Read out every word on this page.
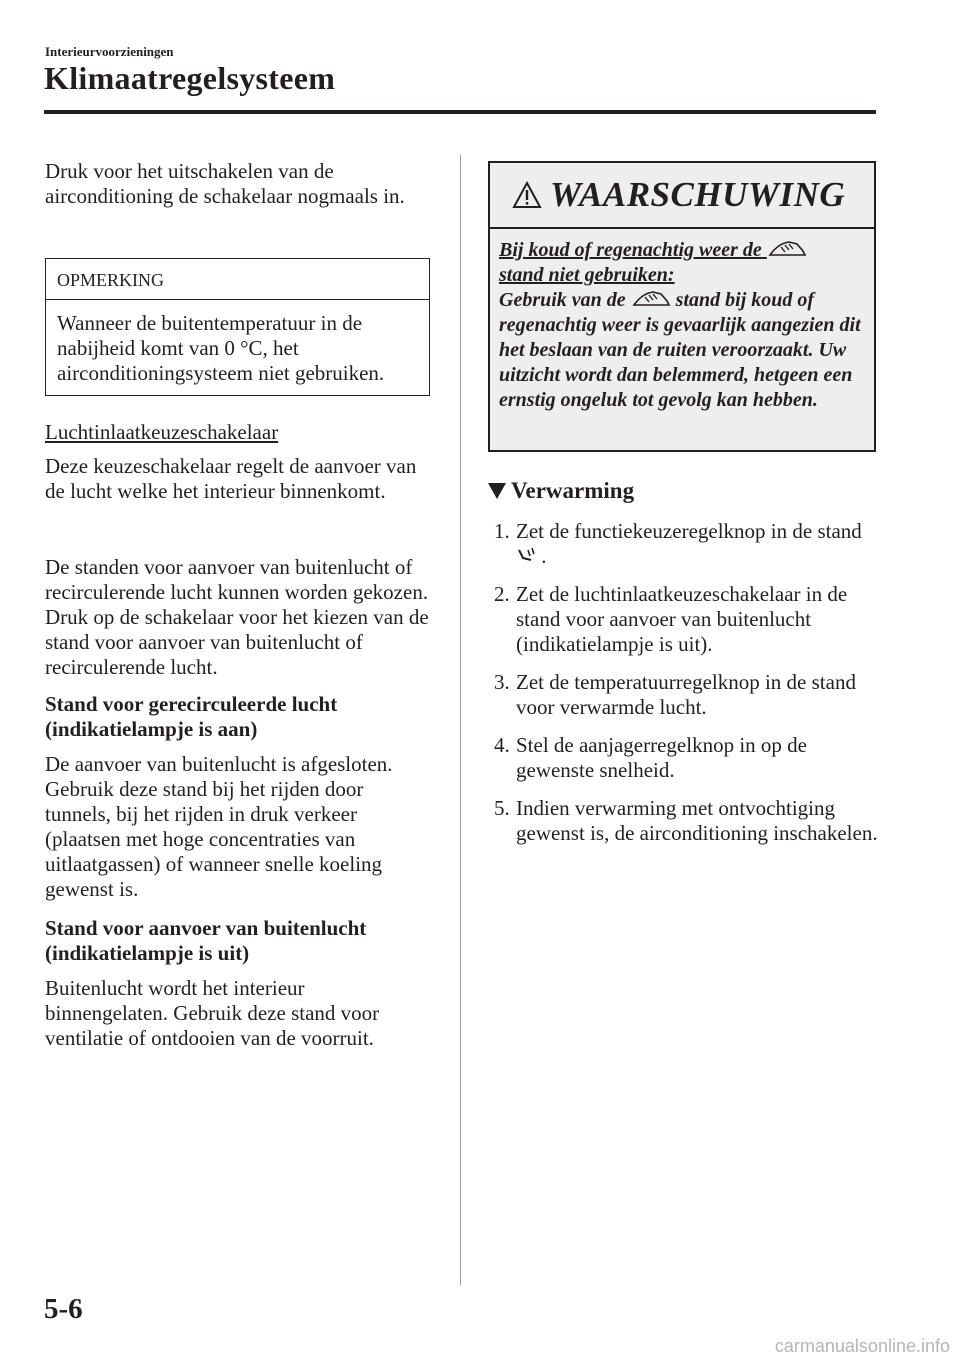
Interieurvoorzieningen
Klimaatregelsysteem

Druk voor het uitschakelen van de airconditioning de schakelaar nogmaals in.

OPMERKING
Wanneer de buitentemperatuur in de nabijheid komt van 0 °C, het airconditioningsysteem niet gebruiken.

Luchtinlaatkeuzeschakelaar

Deze keuzeschakelaar regelt de aanvoer van de lucht welke het interieur binnenkomt.

De standen voor aanvoer van buitenlucht of recirculerende lucht kunnen worden gekozen. Druk op de schakelaar voor het kiezen van de stand voor aanvoer van buitenlucht of recirculerende lucht.

Stand voor gerecirculeerde lucht (indikatielampje is aan)

De aanvoer van buitenlucht is afgesloten. Gebruik deze stand bij het rijden door tunnels, bij het rijden in druk verkeer (plaatsen met hoge concentraties van uitlaatgassen) of wanneer snelle koeling gewenst is.

Stand voor aanvoer van buitenlucht (indikatielampje is uit)

Buitenlucht wordt het interieur binnengelaten. Gebruik deze stand voor ventilatie of ontdooien van de voorruit.

WAARSCHUWING
Bij koud of regenachtig weer de
stand niet gebruiken:
Gebruik van de	stand bij koud of regenachtig weer is gevaarlijk aangezien dit het beslaan van de ruiten veroorzaakt. Uw uitzicht wordt dan belemmerd, hetgeen een ernstig ongeluk tot gevolg kan hebben.
Verwarming
1. Zet de functiekeuzeregelknop in de stand  .
2. Zet de luchtinlaatkeuzeschakelaar in de stand voor aanvoer van buitenlucht (indikatielampje is uit).
3. Zet de temperatuurregelknop in de stand voor verwarmde lucht.
4. Stel de aanjagerregelknop in op de gewenste snelheid.
5. Indien verwarming met ontvochtiging gewenst is, de airconditioning inschakelen.
5-6
carmanualsonline.info
